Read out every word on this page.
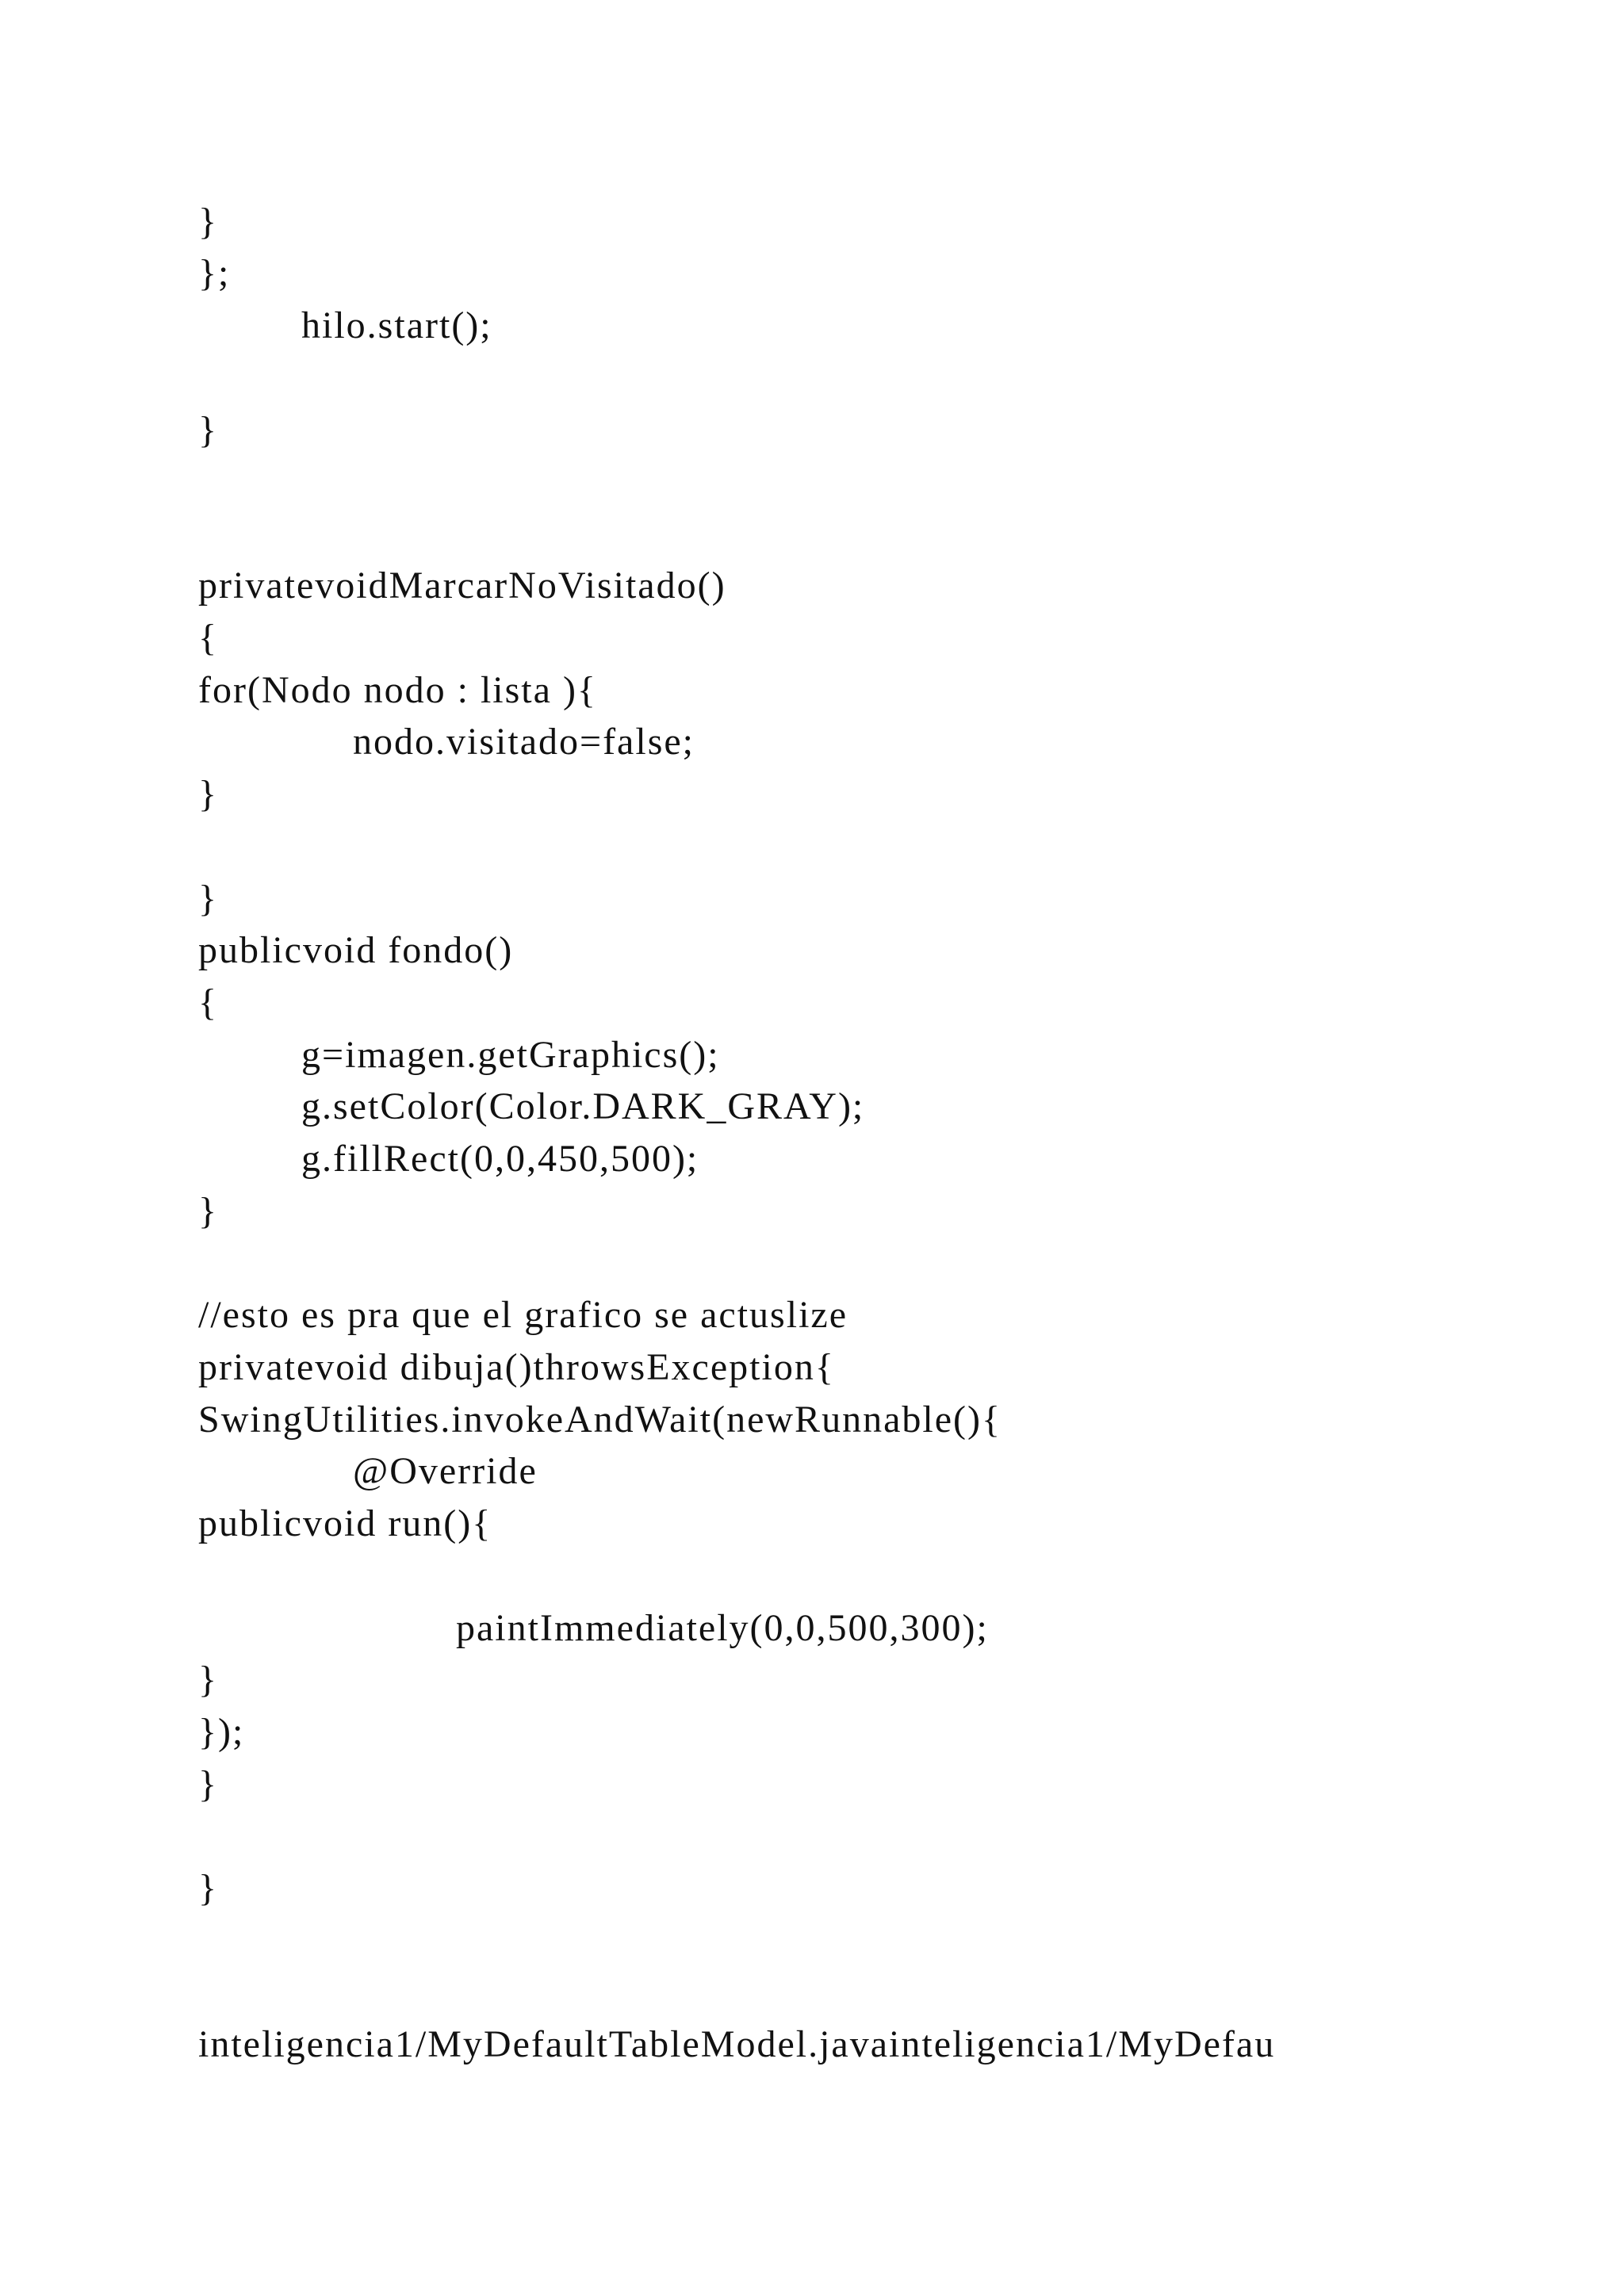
}
};
hilo.start();
}
privatevoidMarcarNoVisitado()
{
for(Nodo nodo : lista ){
nodo.visitado=false;
}
}
publicvoid fondo()
{
g=imagen.getGraphics();
g.setColor(Color.DARK_GRAY);
g.fillRect(0,0,450,500);
}
//esto es pra que el grafico se actuslize
privatevoid dibuja()throwsException{
SwingUtilities.invokeAndWait(newRunnable(){
@Override
publicvoid run(){
paintImmediately(0,0,500,300);
}
});
}
}
inteligencia1/MyDefaultTableModel.javainteligencia1/MyDefau
